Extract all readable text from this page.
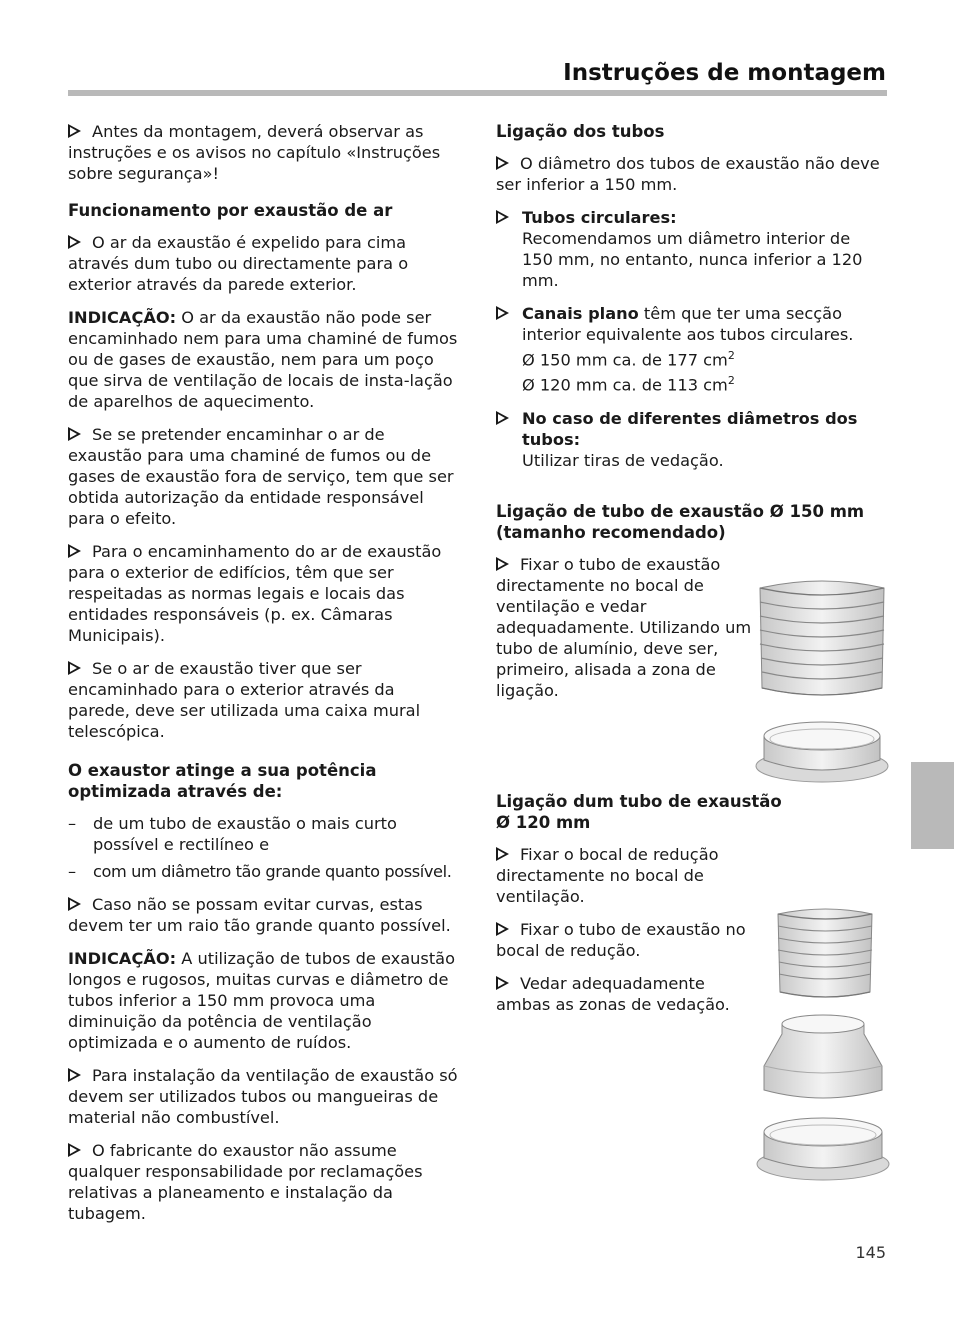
Instruções de montagem

Antes da montagem, deverá observar as instruções e os avisos no capítulo «Instruções sobre segurança»!

Funcionamento por exaustão de ar

O ar da exaustão é expelido para cima através dum tubo ou directamente para o exterior através da parede exterior.

INDICAÇÃO: O ar da exaustão não pode ser encaminhado nem para uma chaminé de fumos ou de gases de exaustão, nem para um poço que sirva de ventilação de locais de insta-lação de aparelhos de aquecimento.

Se se pretender encaminhar o ar de exaustão para uma chaminé de fumos ou de gases de exaustão fora de serviço, tem que ser obtida autorização da entidade responsável para o efeito.

Para o encaminhamento do ar de exaustão para o exterior de edifícios, têm que ser respeitadas as normas legais e locais das entidades responsáveis (p. ex. Câmaras Municipais).

Se o ar de exaustão tiver que ser encaminhado para o exterior através da parede, deve ser utilizada uma caixa mural telescópica.

O exaustor atinge a sua potência optimizada através de:
–	de um tubo de exaustão o mais curto possível e rectilíneo e
–	com um diâmetro tão grande quanto possível.

Caso não se possam evitar curvas, estas devem ter um raio tão grande quanto possível.

INDICAÇÃO: A utilização de tubos de exaustão longos e rugosos, muitas curvas e diâmetro de tubos inferior a 150 mm provoca uma diminuição da potência de ventilação optimizada e o aumento de ruídos.

Para instalação da ventilação de exaustão só devem ser utilizados tubos ou mangueiras de material não combustível.

O fabricante do exaustor não assume qualquer responsabilidade por reclamações relativas a planeamento e instalação da tubagem.

Ligação dos tubos

O diâmetro dos tubos de exaustão não deve ser inferior a 150 mm.

Tubos circulares:
Recomendamos um diâmetro interior de 150 mm, no entanto, nunca inferior a 120 mm.
Canais plano têm que ter uma secção interior equivalente aos tubos circulares.
Ø 150 mm ca. de 177 $cm^2$
Ø 120 mm ca. de 113 $cm^2$
No caso de diferentes diâmetros dos tubos:
Utilizar tiras de vedação.
Ligação de tubo de exaustão Ø 150 mm (tamanho recomendado)

Fixar o tubo de exaustão directamente no bocal de ventilação e vedar adequadamente. Utilizando um tubo de alumínio, deve ser, primeiro, alisada a zona de ligação.

Ligação dum tubo de exaustão Ø 120 mm

Fixar o bocal de redução directamente no bocal de ventilação.

Fixar o tubo de exaustão no bocal de redução.

Vedar adequadamente ambas as zonas de vedação.

145
